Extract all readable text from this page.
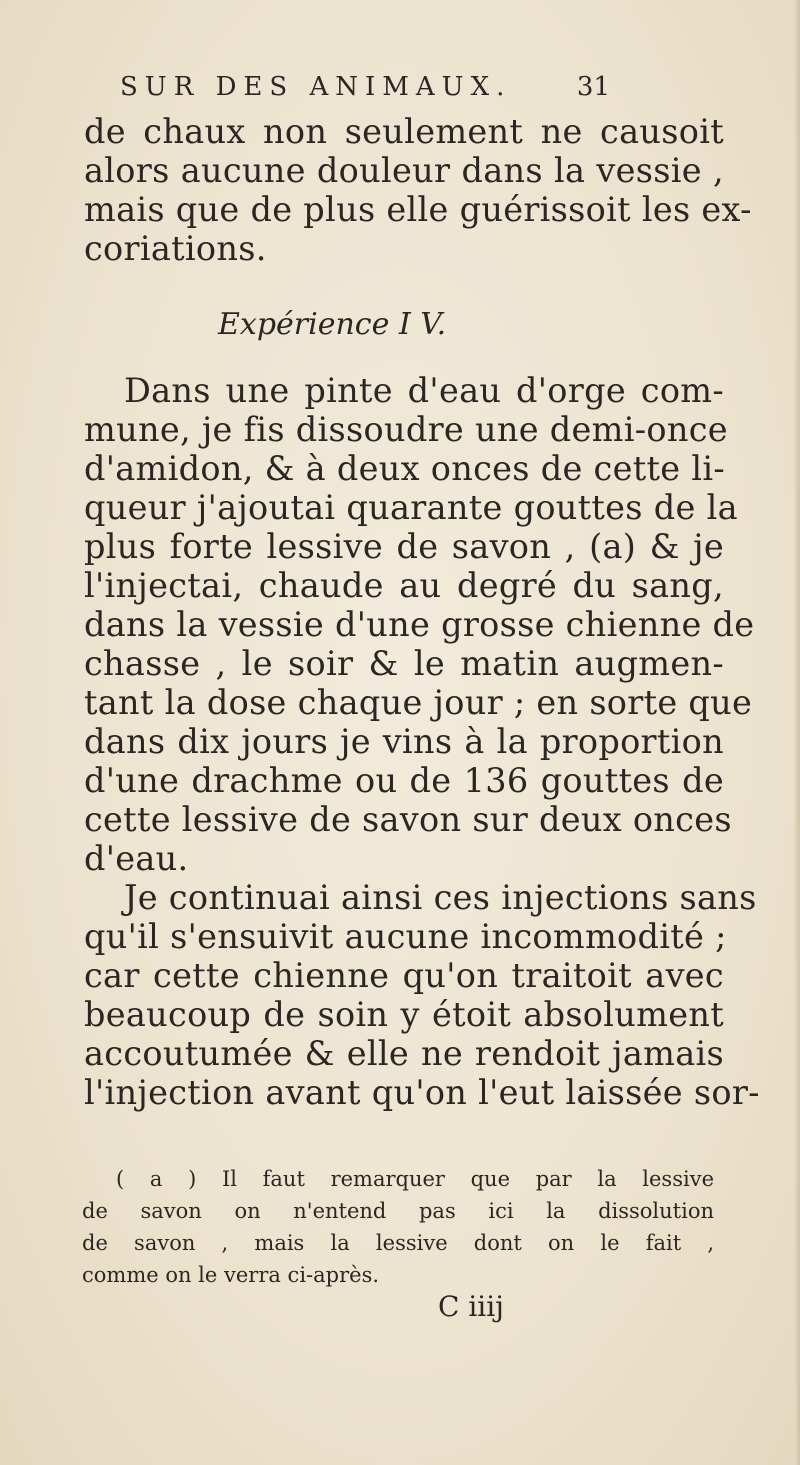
SUR DES ANIMAUX.	31
de chaux non seulement ne causoit
alors aucune douleur dans la vessie ,
mais que de plus elle guérissoit les ex-
coriations.
Expérience I V.
Dans une pinte d'eau d'orge com-
mune, je fis dissoudre une demi-once
d'amidon, & à deux onces de cette li-
queur j'ajoutai quarante gouttes de la
plus forte lessive de savon , (a) & je
l'injectai, chaude au degré du sang,
dans la vessie d'une grosse chienne de
chasse , le soir & le matin augmen-
tant la dose chaque jour ; en sorte que
dans dix jours je vins à la proportion
d'une drachme ou de 136 gouttes de
cette lessive de savon sur deux onces
d'eau.
Je continuai ainsi ces injections sans
qu'il s'ensuivit aucune incommodité ;
car cette chienne qu'on traitoit avec
beaucoup de soin y étoit absolument
accoutumée & elle ne rendoit jamais
l'injection avant qu'on l'eut laissée sor-
( a ) Il faut remarquer que par la lessive
de savon on n'entend pas ici la dissolution
de savon , mais la lessive dont on le fait ,
comme on le verra ci-après.
C iiij
